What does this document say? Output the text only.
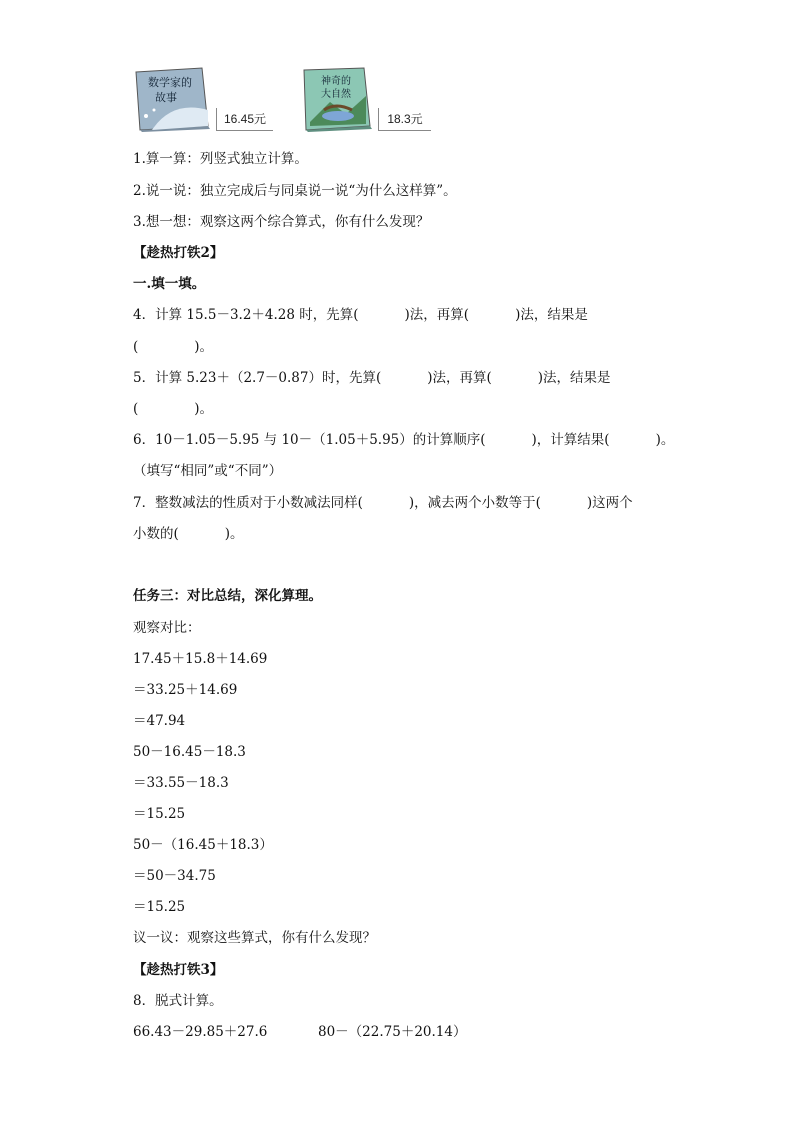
数学家的
故事
16.45元
神奇的
大自然
18.3元
1.算一算：列竖式独立计算。
2.说一说：独立完成后与同桌说一说“为什么这样算”。
3.想一想：观察这两个综合算式，你有什么发现？
【趁热打铁2】
一.填一填。
4．计算 15.5－3.2＋4.28 时，先算(	)法，再算(	)法，结果是
(	)。
5．计算 5.23＋（2.7－0.87）时，先算(	)法，再算(	)法，结果是
(	)。
6．10－1.05－5.95 与 10－（1.05＋5.95）的计算顺序(	)，计算结果(	)。
（填写“相同”或“不同”）
7．整数减法的性质对于小数减法同样(	)，减去两个小数等于(	)这两个
小数的(	)。
任务三：对比总结，深化算理。
观察对比：
17.45＋15.8＋14.69
＝33.25＋14.69
＝47.94
50－16.45－18.3
＝33.55－18.3
＝15.25
50－（16.45＋18.3）
＝50－34.75
＝15.25
议一议：观察这些算式，你有什么发现？
【趁热打铁3】
8．脱式计算。
66.43－29.85＋27.6	80－（22.75＋20.14）
